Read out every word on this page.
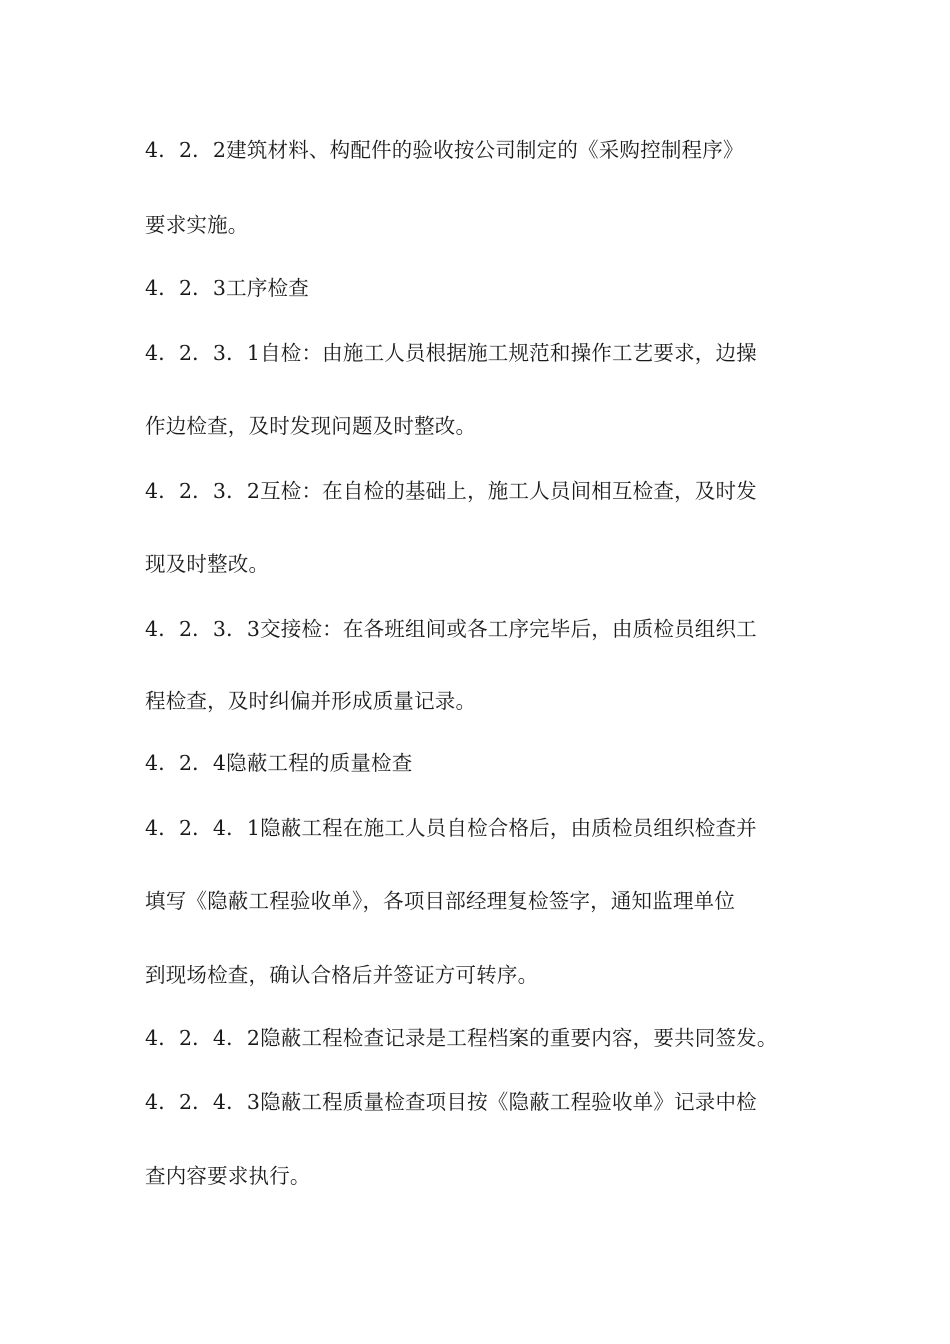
4．2．2建筑材料、构配件的验收按公司制定的《采购控制程序》
要求实施。
4．2．3工序检查
4．2．3．1自检：由施工人员根据施工规范和操作工艺要求，边操
作边检查，及时发现问题及时整改。
4．2．3．2互检：在自检的基础上，施工人员间相互检查，及时发
现及时整改。
4．2．3．3交接检：在各班组间或各工序完毕后，由质检员组织工
程检查，及时纠偏并形成质量记录。
4．2．4隐蔽工程的质量检查
4．2．4．1隐蔽工程在施工人员自检合格后，由质检员组织检查并
填写《隐蔽工程验收单》，各项目部经理复检签字，通知监理单位
到现场检查，确认合格后并签证方可转序。
4．2．4．2隐蔽工程检查记录是工程档案的重要内容，要共同签发。
4．2．4．3隐蔽工程质量检查项目按《隐蔽工程验收单》记录中检
查内容要求执行。
